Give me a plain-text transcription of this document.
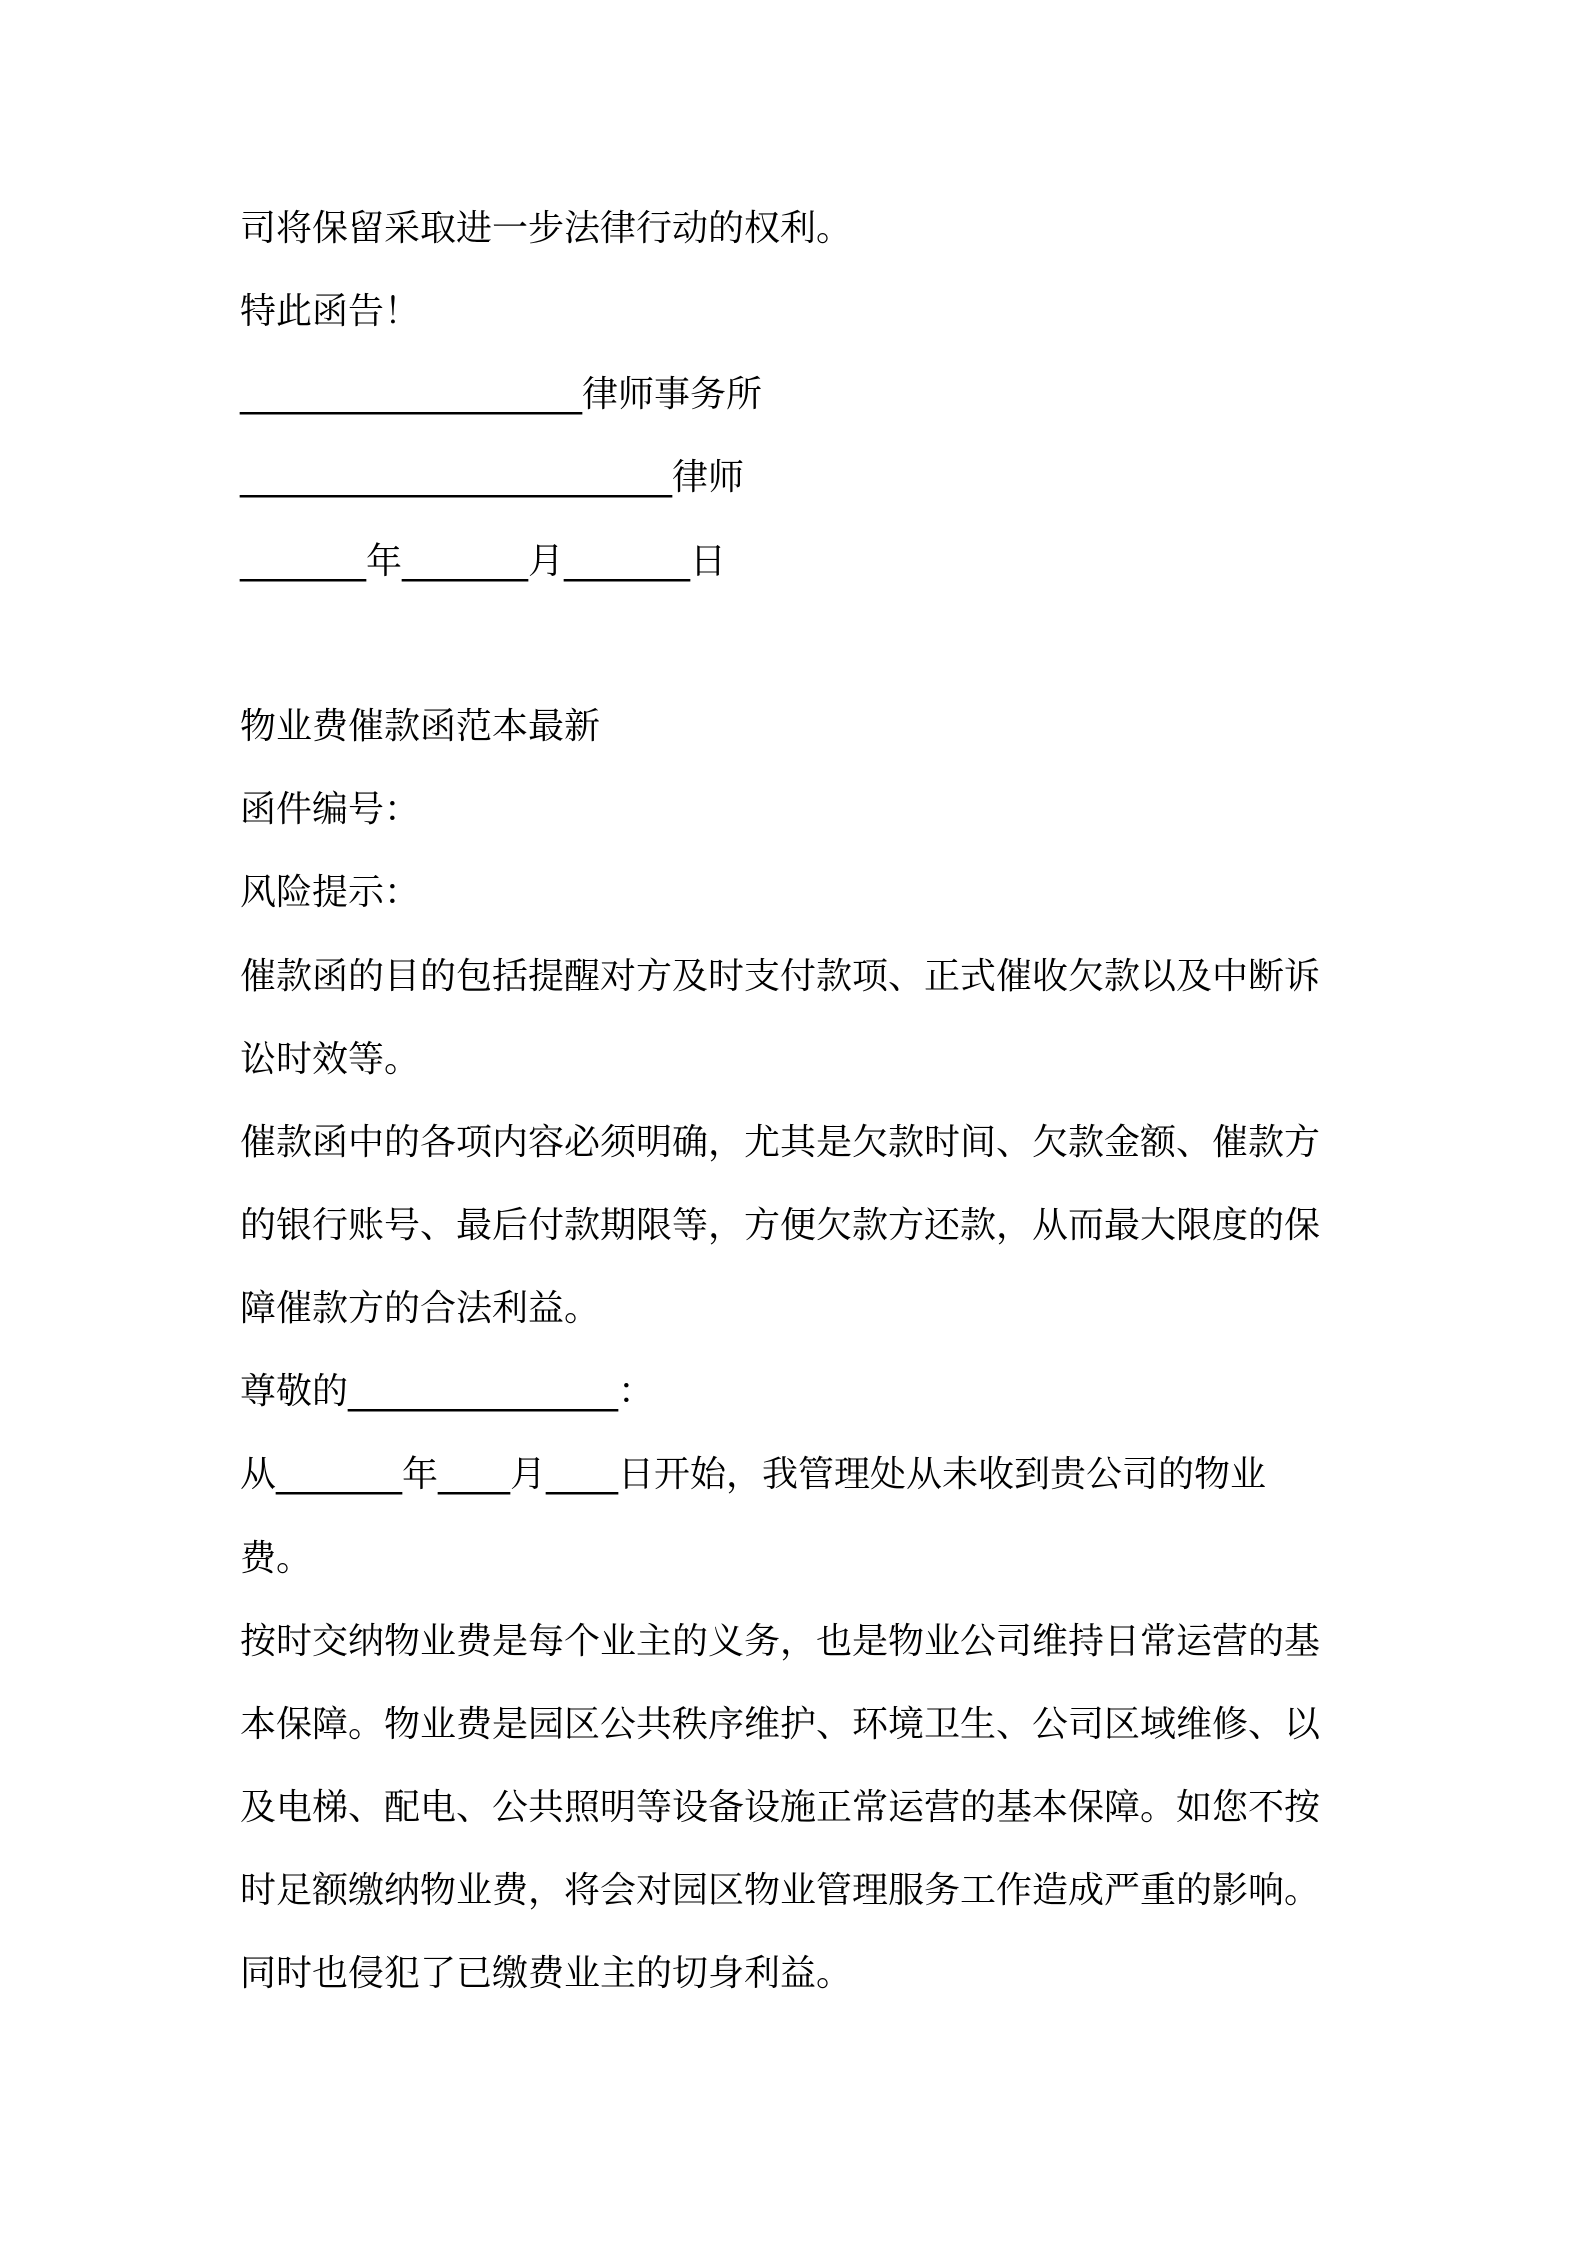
司将保留采取进一步法律行动的权利。
特此函告！
___________________律师事务所
________________________律师
_______年_______月_______日
物业费催款函范本最新
函件编号：
风险提示：
催款函的目的包括提醒对方及时支付款项、正式催收欠款以及中断诉
讼时效等。
催款函中的各项内容必须明确，尤其是欠款时间、欠款金额、催款方
的银行账号、最后付款期限等，方便欠款方还款，从而最大限度的保
障催款方的合法利益。
尊敬的_______________：
从_______年____月____日开始，我管理处从未收到贵公司的物业
费。
按时交纳物业费是每个业主的义务，也是物业公司维持日常运营的基
本保障。物业费是园区公共秩序维护、环境卫生、公司区域维修、以
及电梯、配电、公共照明等设备设施正常运营的基本保障。如您不按
时足额缴纳物业费，将会对园区物业管理服务工作造成严重的影响。
同时也侵犯了已缴费业主的切身利益。
